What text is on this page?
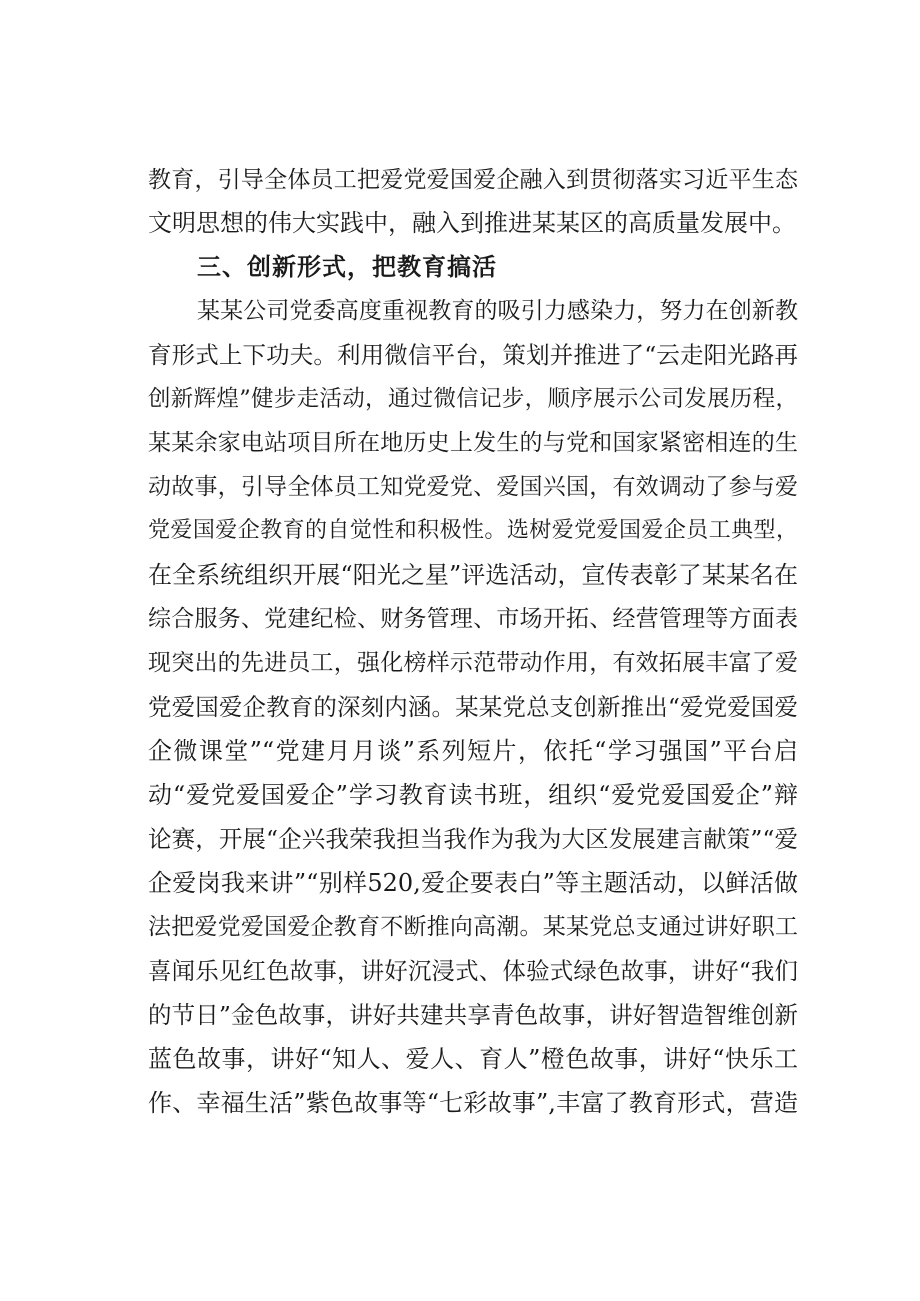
教育，引导全体员工把爱党爱国爱企融入到贯彻落实习近平生态
文明思想的伟大实践中，融入到推进某某区的高质量发展中。
三、创新形式，把教育搞活
某某公司党委高度重视教育的吸引力感染力，努力在创新教
育形式上下功夫。利用微信平台，策划并推进了“云走阳光路再
创新辉煌”健步走活动，通过微信记步，顺序展示公司发展历程，
某某余家电站项目所在地历史上发生的与党和国家紧密相连的生
动故事，引导全体员工知党爱党、爱国兴国，有效调动了参与爱
党爱国爱企教育的自觉性和积极性。选树爱党爱国爱企员工典型，
在全系统组织开展“阳光之星”评选活动，宣传表彰了某某名在
综合服务、党建纪检、财务管理、市场开拓、经营管理等方面表
现突出的先进员工，强化榜样示范带动作用，有效拓展丰富了爱
党爱国爱企教育的深刻内涵。某某党总支创新推出“爱党爱国爱
企微课堂”“党建月月谈”系列短片，依托“学习强国”平台启
动“爱党爱国爱企”学习教育读书班，组织“爱党爱国爱企”辩
论赛，开展“企兴我荣我担当我作为我为大区发展建言献策”“爱
企爱岗我来讲”“别样520,爱企要表白”等主题活动，以鲜活做
法把爱党爱国爱企教育不断推向高潮。某某党总支通过讲好职工
喜闻乐见红色故事，讲好沉浸式、体验式绿色故事，讲好“我们
的节日”金色故事，讲好共建共享青色故事，讲好智造智维创新
蓝色故事，讲好“知人、爱人、育人”橙色故事，讲好“快乐工
作、幸福生活”紫色故事等“七彩故事”,丰富了教育形式，营造
